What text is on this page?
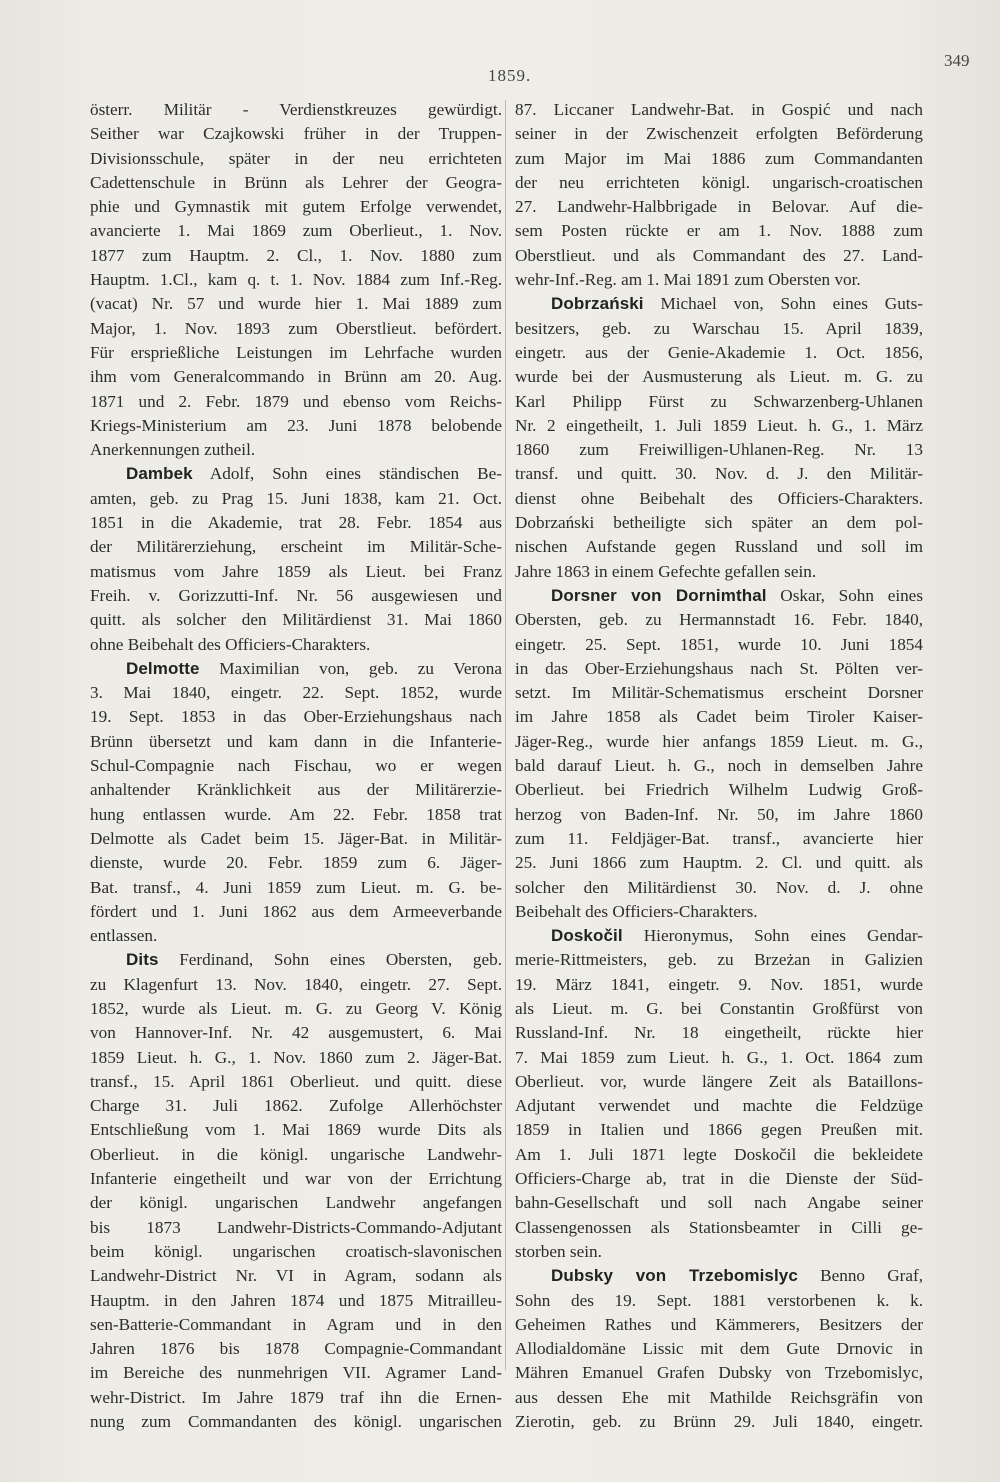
1859.
349
österr. Militär - Verdienstkreuzes gewürdigt.
Seither war Czajkowski früher in der Truppen-
Divisionsschule, später in der neu errichteten
Cadettenschule in Brünn als Lehrer der Geogra-
phie und Gymnastik mit gutem Erfolge verwendet,
avancierte 1. Mai 1869 zum Oberlieut., 1. Nov.
1877 zum Hauptm. 2. Cl., 1. Nov. 1880 zum
Hauptm. 1.Cl., kam q. t. 1. Nov. 1884 zum Inf.-Reg.
(vacat) Nr. 57 und wurde hier 1. Mai 1889 zum
Major, 1. Nov. 1893 zum Oberstlieut. befördert.
Für ersprießliche Leistungen im Lehrfache wurden
ihm vom Generalcommando in Brünn am 20. Aug.
1871 und 2. Febr. 1879 und ebenso vom Reichs-
Kriegs-Ministerium am 23. Juni 1878 belobende
Anerkennungen zutheil.
Dambek Adolf, Sohn eines ständischen Be-
amten, geb. zu Prag 15. Juni 1838, kam 21. Oct.
1851 in die Akademie, trat 28. Febr. 1854 aus
der Militärerziehung, erscheint im Militär-Sche-
matismus vom Jahre 1859 als Lieut. bei Franz
Freih. v. Gorizzutti-Inf. Nr. 56 ausgewiesen und
quitt. als solcher den Militärdienst 31. Mai 1860
ohne Beibehalt des Officiers-Charakters.
Delmotte Maximilian von, geb. zu Verona
3. Mai 1840, eingetr. 22. Sept. 1852, wurde
19. Sept. 1853 in das Ober-Erziehungshaus nach
Brünn übersetzt und kam dann in die Infanterie-
Schul-Compagnie nach Fischau, wo er wegen
anhaltender Kränklichkeit aus der Militärerzie-
hung entlassen wurde. Am 22. Febr. 1858 trat
Delmotte als Cadet beim 15. Jäger-Bat. in Militär-
dienste, wurde 20. Febr. 1859 zum 6. Jäger-
Bat. transf., 4. Juni 1859 zum Lieut. m. G. be-
fördert und 1. Juni 1862 aus dem Armeeverbande
entlassen.
Dits Ferdinand, Sohn eines Obersten, geb.
zu Klagenfurt 13. Nov. 1840, eingetr. 27. Sept.
1852, wurde als Lieut. m. G. zu Georg V. König
von Hannover-Inf. Nr. 42 ausgemustert, 6. Mai
1859 Lieut. h. G., 1. Nov. 1860 zum 2. Jäger-Bat.
transf., 15. April 1861 Oberlieut. und quitt. diese
Charge 31. Juli 1862. Zufolge Allerhöchster
Entschließung vom 1. Mai 1869 wurde Dits als
Oberlieut. in die königl. ungarische Landwehr-
Infanterie eingetheilt und war von der Errichtung
der königl. ungarischen Landwehr angefangen
bis 1873 Landwehr-Districts-Commando-Adjutant
beim königl. ungarischen croatisch-slavonischen
Landwehr-District Nr. VI in Agram, sodann als
Hauptm. in den Jahren 1874 und 1875 Mitrailleu-
sen-Batterie-Commandant in Agram und in den
Jahren 1876 bis 1878 Compagnie-Commandant
im Bereiche des nunmehrigen VII. Agramer Land-
wehr-District. Im Jahre 1879 traf ihn die Ernen-
nung zum Commandanten des königl. ungarischen
87. Liccaner Landwehr-Bat. in Gospić und nach
seiner in der Zwischenzeit erfolgten Beförderung
zum Major im Mai 1886 zum Commandanten
der neu errichteten königl. ungarisch-croatischen
27. Landwehr-Halbbrigade in Belovar. Auf die-
sem Posten rückte er am 1. Nov. 1888 zum
Oberstlieut. und als Commandant des 27. Land-
wehr-Inf.-Reg. am 1. Mai 1891 zum Obersten vor.
Dobrzański Michael von, Sohn eines Guts-
besitzers, geb. zu Warschau 15. April 1839,
eingetr. aus der Genie-Akademie 1. Oct. 1856,
wurde bei der Ausmusterung als Lieut. m. G. zu
Karl Philipp Fürst zu Schwarzenberg-Uhlanen
Nr. 2 eingetheilt, 1. Juli 1859 Lieut. h. G., 1. März
1860 zum Freiwilligen-Uhlanen-Reg. Nr. 13
transf. und quitt. 30. Nov. d. J. den Militär-
dienst ohne Beibehalt des Officiers-Charakters.
Dobrzański betheiligte sich später an dem pol-
nischen Aufstande gegen Russland und soll im
Jahre 1863 in einem Gefechte gefallen sein.
Dorsner von Dornimthal Oskar, Sohn eines
Obersten, geb. zu Hermannstadt 16. Febr. 1840,
eingetr. 25. Sept. 1851, wurde 10. Juni 1854
in das Ober-Erziehungshaus nach St. Pölten ver-
setzt. Im Militär-Schematismus erscheint Dorsner
im Jahre 1858 als Cadet beim Tiroler Kaiser-
Jäger-Reg., wurde hier anfangs 1859 Lieut. m. G.,
bald darauf Lieut. h. G., noch in demselben Jahre
Oberlieut. bei Friedrich Wilhelm Ludwig Groß-
herzog von Baden-Inf. Nr. 50, im Jahre 1860
zum 11. Feldjäger-Bat. transf., avancierte hier
25. Juni 1866 zum Hauptm. 2. Cl. und quitt. als
solcher den Militärdienst 30. Nov. d. J. ohne
Beibehalt des Officiers-Charakters.
Doskočil Hieronymus, Sohn eines Gendar-
merie-Rittmeisters, geb. zu Brzeżan in Galizien
19. März 1841, eingetr. 9. Nov. 1851, wurde
als Lieut. m. G. bei Constantin Großfürst von
Russland-Inf. Nr. 18 eingetheilt, rückte hier
7. Mai 1859 zum Lieut. h. G., 1. Oct. 1864 zum
Oberlieut. vor, wurde längere Zeit als Bataillons-
Adjutant verwendet und machte die Feldzüge
1859 in Italien und 1866 gegen Preußen mit.
Am 1. Juli 1871 legte Doskočil die bekleidete
Officiers-Charge ab, trat in die Dienste der Süd-
bahn-Gesellschaft und soll nach Angabe seiner
Classengenossen als Stationsbeamter in Cilli ge-
storben sein.
Dubsky von Trzebomislyc Benno Graf,
Sohn des 19. Sept. 1881 verstorbenen k. k.
Geheimen Rathes und Kämmerers, Besitzers der
Allodialdomäne Lissic mit dem Gute Drnovic in
Mähren Emanuel Grafen Dubsky von Trzebomislyc,
aus dessen Ehe mit Mathilde Reichsgräfin von
Zierotin, geb. zu Brünn 29. Juli 1840, eingetr.
